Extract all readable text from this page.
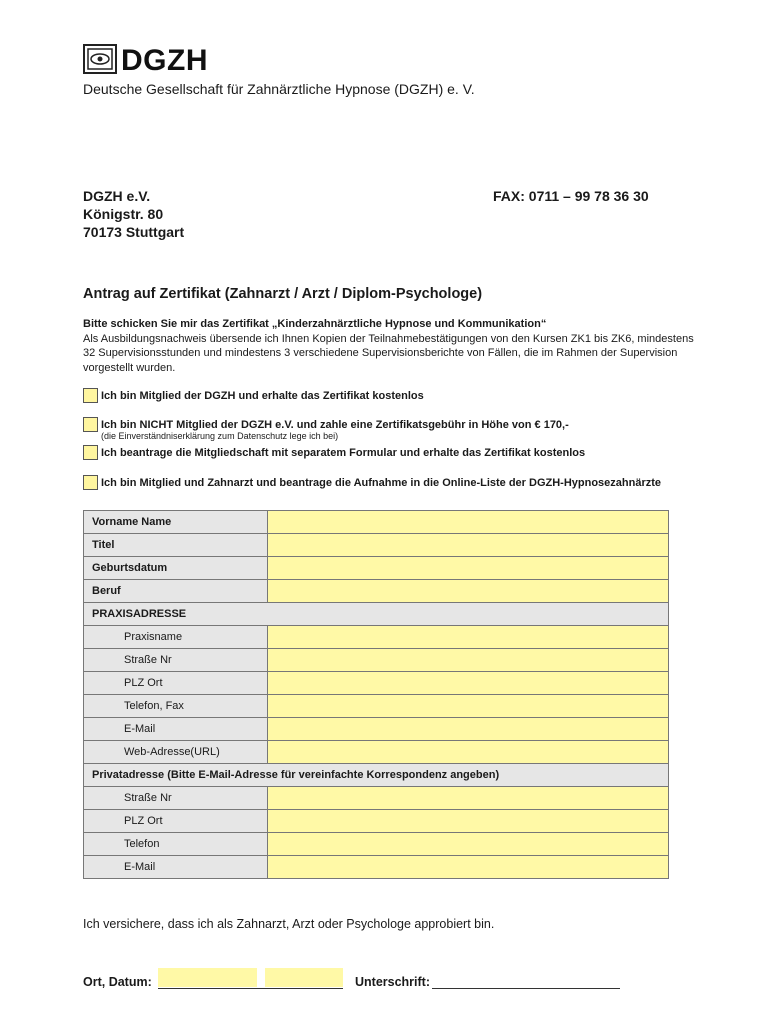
DGZH
Deutsche Gesellschaft für Zahnärztliche Hypnose (DGZH) e. V.
DGZH e.V.
Königstr. 80
70173 Stuttgart
FAX: 0711 – 99 78 36 30
Antrag auf Zertifikat (Zahnarzt / Arzt / Diplom-Psychologe)
Bitte schicken Sie mir das Zertifikat „Kinderzahnärztliche Hypnose und Kommunikation“
Als Ausbildungsnachweis übersende ich Ihnen Kopien der Teilnahmebestätigungen von den Kursen ZK1 bis ZK6, mindestens 32 Supervisionsstunden und mindestens 3 verschiedene Supervisionsberichte von Fällen, die im Rahmen der Supervision vorgestellt wurden.
Ich bin Mitglied der DGZH und erhalte das Zertifikat kostenlos
Ich bin NICHT Mitglied der DGZH e.V. und zahle eine Zertifikatsgebühr in Höhe von € 170,-
(die Einverständniserklärung zum Datenschutz lege ich bei)
Ich beantrage die Mitgliedschaft mit separatem Formular und erhalte das Zertifikat kostenlos
Ich bin Mitglied und Zahnarzt und beantrage die Aufnahme in die Online-Liste der DGZH-Hypnosezahnärzte
Vorname Name	
Titel	
Geburtsdatum	
Beruf	
PRAXISADRESSE	
Praxisname	
Straße Nr	
PLZ Ort	
Telefon, Fax	
E-Mail	
Web-Adresse(URL)	
Privatadresse (Bitte E-Mail-Adresse für vereinfachte Korrespondenz angeben)	
Straße Nr	
PLZ Ort	
Telefon	
E-Mail	
Ich versichere, dass ich als Zahnarzt, Arzt oder Psychologe approbiert bin.
Ort, Datum:	Unterschrift:
